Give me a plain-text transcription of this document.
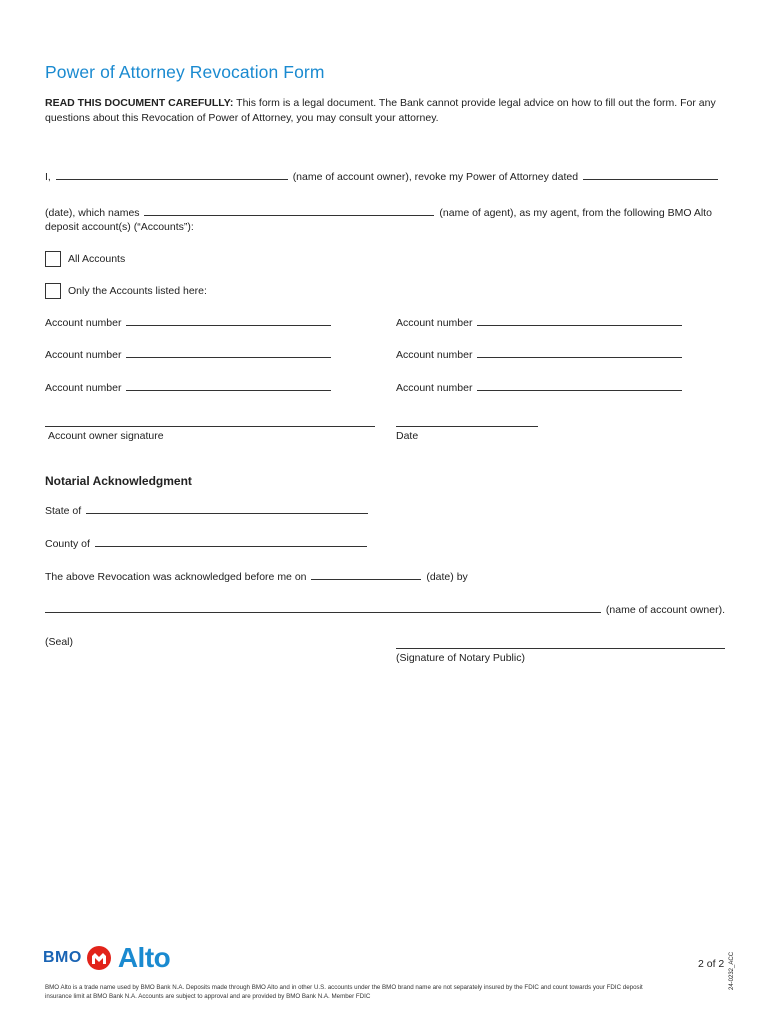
Power of Attorney Revocation Form
READ THIS DOCUMENT CAREFULLY: This form is a legal document. The Bank cannot provide legal advice on how to fill out the form. For any questions about this Revocation of Power of Attorney, you may consult your attorney.
I,	(name of account owner), revoke my Power of Attorney dated
(date), which names	(name of agent), as my agent, from the following BMO Alto
deposit account(s) (“Accounts”):
All Accounts
Only the Accounts listed here:
Account number
Account number
Account number
Account number
Account number
Account number
Account owner signature	Date
Notarial Acknowledgment
State of
County of
The above Revocation was acknowledged before me on	(date) by
(name of account owner).
(Seal)
(Signature of Notary Public)
BMO Alto	2 of 2 24-0232_ACC
BMO Alto is a trade name used by BMO Bank N.A. Deposits made through BMO Alto and in other U.S. accounts under the BMO brand name are not separately insured by the FDIC and count towards your FDIC deposit insurance limit at BMO Bank N.A. Accounts are subject to approval and are provided by BMO Bank N.A. Member FDIC
